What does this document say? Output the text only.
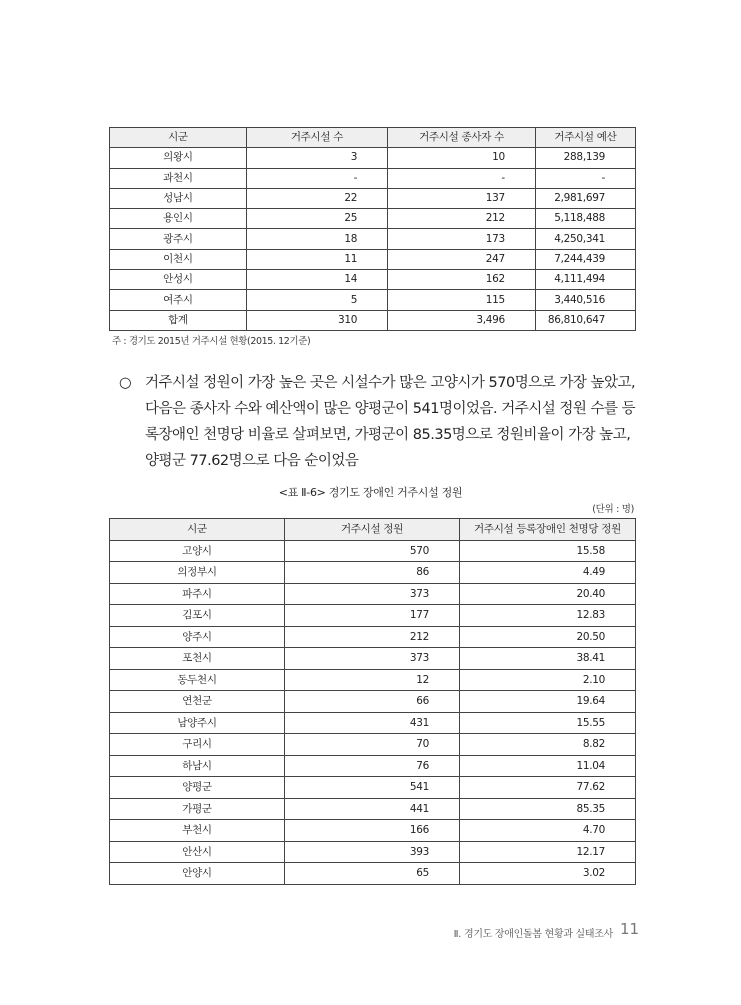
시군	거주시설 수	거주시설 종사자 수	거주시설 예산
의왕시	3	10	288,139
과천시	-	-	-
성남시	22	137	2,981,697
용인시	25	212	5,118,488
광주시	18	173	4,250,341
이천시	11	247	7,244,439
안성시	14	162	4,111,494
여주시	5	115	3,440,516
합계	310	3,496	86,810,647
주 : 경기도 2015년 거주시설 현황(2015. 12기준)
○ 거주시설 정원이 가장 높은 곳은 시설수가 많은 고양시가 570명으로 가장 높았고, 다음은 종사자 수와 예산액이 많은 양평군이 541명이었음. 거주시설 정원 수를 등록장애인 천명당 비율로 살펴보면, 가평군이 85.35명으로 정원비율이 가장 높고, 양평군 77.62명으로 다음 순이었음
<표 Ⅱ-6> 경기도 장애인 거주시설 정원
(단위 : 명)
시군	거주시설 정원	거주시설 등록장애인 천명당 정원
고양시	570	15.58
의정부시	86	4.49
파주시	373	20.40
김포시	177	12.83
양주시	212	20.50
포천시	373	38.41
동두천시	12	2.10
연천군	66	19.64
남양주시	431	15.55
구리시	70	8.82
하남시	76	11.04
양평군	541	77.62
가평군	441	85.35
부천시	166	4.70
안산시	393	12.17
안양시	65	3.02
Ⅱ. 경기도 장애인돌봄 현황과 실태조사 11
